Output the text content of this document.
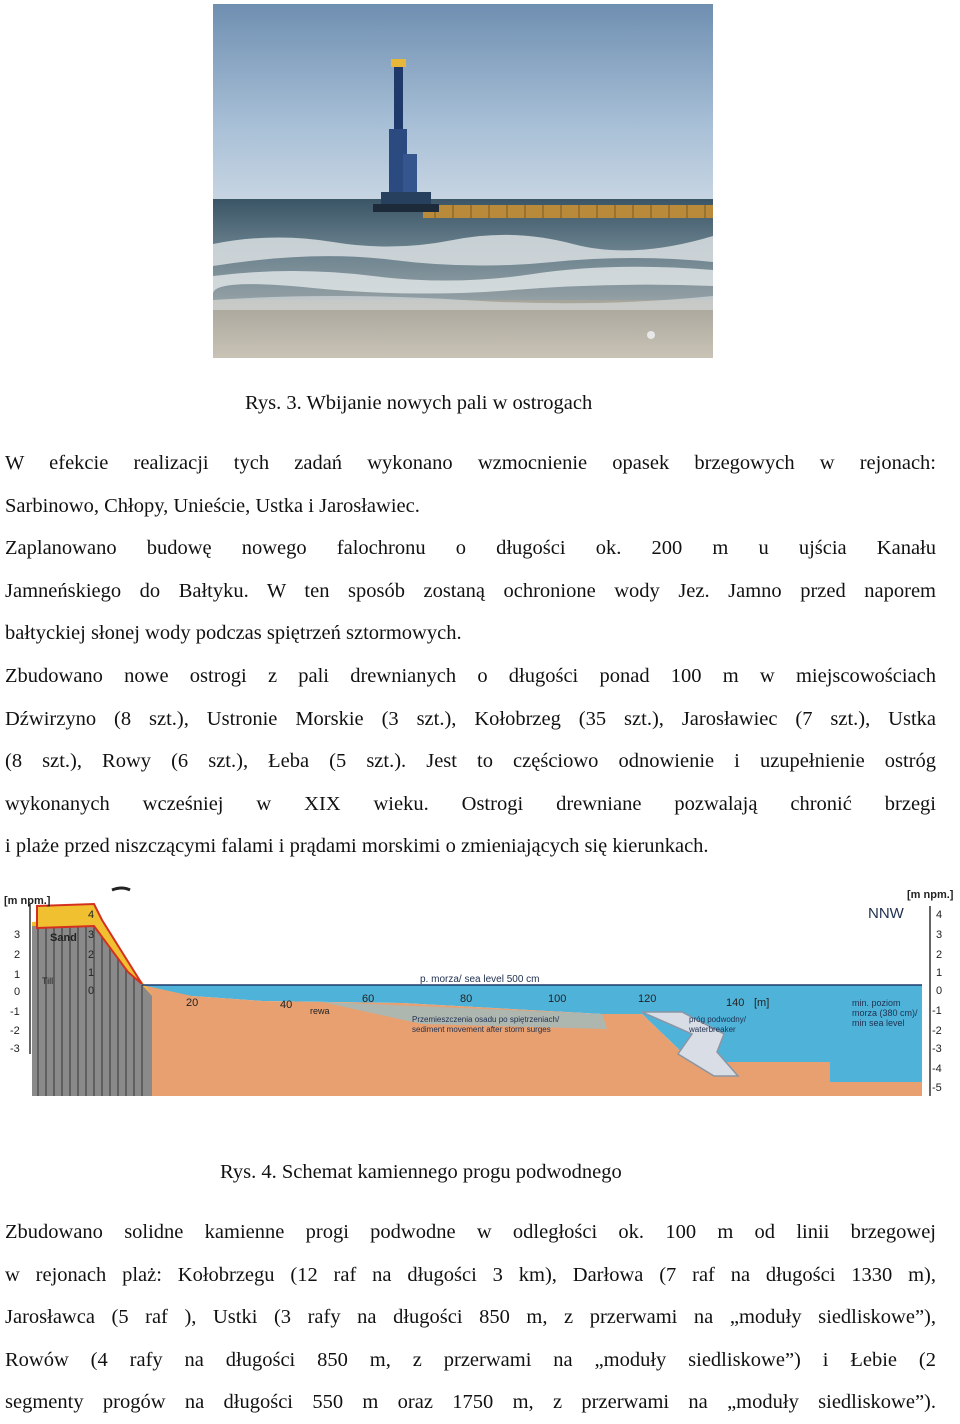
Rys. 3. Wbijanie nowych pali w ostrogach
W efekcie realizacji tych zadań wykonano wzmocnienie opasek brzegowych w rejonach:
Sarbinowo, Chłopy, Unieście, Ustka i Jarosławiec.
Zaplanowano budowę nowego falochronu o długości ok. 200 m u ujścia Kanału
Jamneńskiego do Bałtyku. W ten sposób zostaną ochronione wody Jez. Jamno przed naporem
bałtyckiej słonej wody podczas spiętrzeń sztormowych.
Zbudowano nowe ostrogi z pali drewnianych o długości ponad 100 m w miejscowościach
Dźwirzyno (8 szt.), Ustronie Morskie (3 szt.), Kołobrzeg (35 szt.), Jarosławiec (7 szt.), Ustka
(8 szt.), Rowy (6 szt.), Łeba (5 szt.). Jest to częściowo odnowienie i uzupełnienie ostróg
wykonanych wcześniej w XIX wieku. Ostrogi drewniane pozwalają chronić brzegi
i plaże przed niszczącymi falami i prądami morskimi o zmieniających się kierunkach.
[m npm.]	[m npm.]
NNW
3
2
1
0
-1
-2
-3
4
3
2
1
0
4
3
2
1
0
-1
-2
-3
-4
-5
Sand
Till
20	40	60	80	100	120	140 [m]
p. morza/ sea level 500 cm
rewa
Przemieszczenia osadu po spiętrzeniach/
sediment movement after storm surges
próg podwodny/
waterbreaker
min. poziom
morza (380 cm)/
min sea level
Rys. 4. Schemat kamiennego progu podwodnego
Zbudowano solidne kamienne progi podwodne w odległości ok. 100 m od linii brzegowej
w rejonach plaż: Kołobrzegu (12 raf na długości 3 km), Darłowa (7 raf na długości 1330 m),
Jarosławca (5 raf ), Ustki (3 rafy na długości 850 m, z przerwami na „moduły siedliskowe”),
Rowów (4 rafy na długości 850 m, z przerwami na „moduły siedliskowe”) i Łebie (2
segmenty progów na długości 550 m oraz 1750 m, z przerwami na „moduły siedliskowe”).
